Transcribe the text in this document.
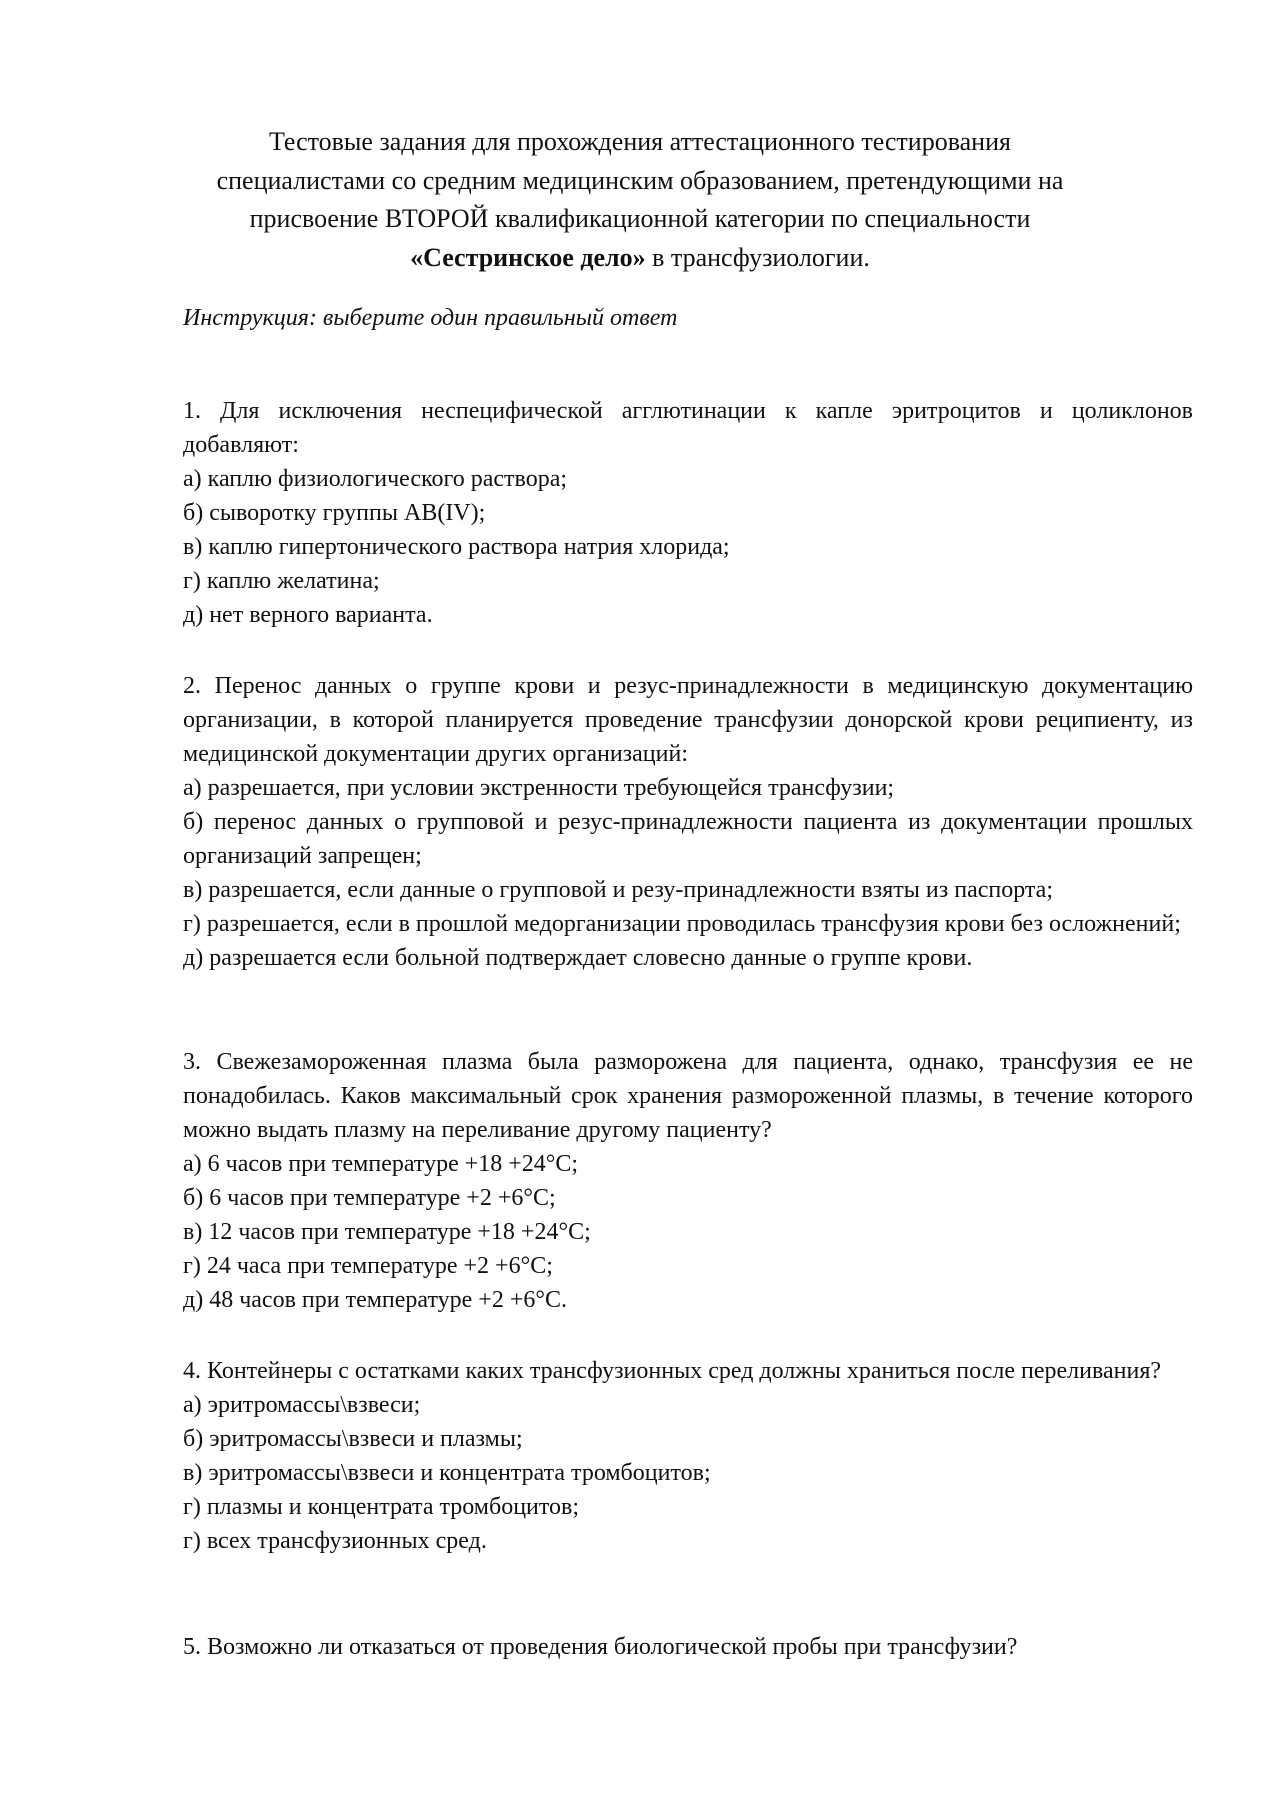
Тестовые задания для прохождения аттестационного тестирования
специалистами со средним медицинским образованием, претендующими на
присвоение ВТОРОЙ квалификационной категории по специальности
«Сестринское дело» в трансфузиологии.
Инструкция: выберите один правильный ответ
1. Для исключения неспецифической агглютинации к капле эритроцитов и цоликлонов добавляют:
а) каплю физиологического раствора;
б) сыворотку группы AB(IV);
в) каплю гипертонического раствора натрия хлорида;
г) каплю желатина;
д) нет верного варианта.
2. Перенос данных о группе крови и резус-принадлежности в медицинскую документацию организации, в которой планируется проведение трансфузии донорской крови реципиенту, из медицинской документации других организаций:
а) разрешается, при условии экстренности требующейся трансфузии;
б) перенос данных о групповой и резус-принадлежности пациента из документации прошлых организаций запрещен;
в) разрешается, если данные о групповой и резу-принадлежности взяты из паспорта;
г) разрешается, если в прошлой медорганизации проводилась трансфузия крови без осложнений;
д) разрешается если больной подтверждает словесно данные о группе крови.
3. Свежезамороженная плазма была разморожена для пациента, однако, трансфузия ее не понадобилась. Каков максимальный срок хранения размороженной плазмы, в течение которого можно выдать плазму на переливание другому пациенту?
а) 6 часов при температуре +18 +24°С;
б) 6 часов при температуре +2 +6°С;
в) 12 часов при температуре +18 +24°С;
г) 24 часа при температуре +2 +6°С;
д) 48 часов при температуре +2 +6°С.
4. Контейнеры с остатками каких трансфузионных сред должны храниться после переливания?
а) эритромассы\взвеси;
б) эритромассы\взвеси и плазмы;
в) эритромассы\взвеси и концентрата тромбоцитов;
г) плазмы и концентрата тромбоцитов;
г) всех трансфузионных сред.
5. Возможно ли отказаться от проведения биологической пробы при трансфузии?
